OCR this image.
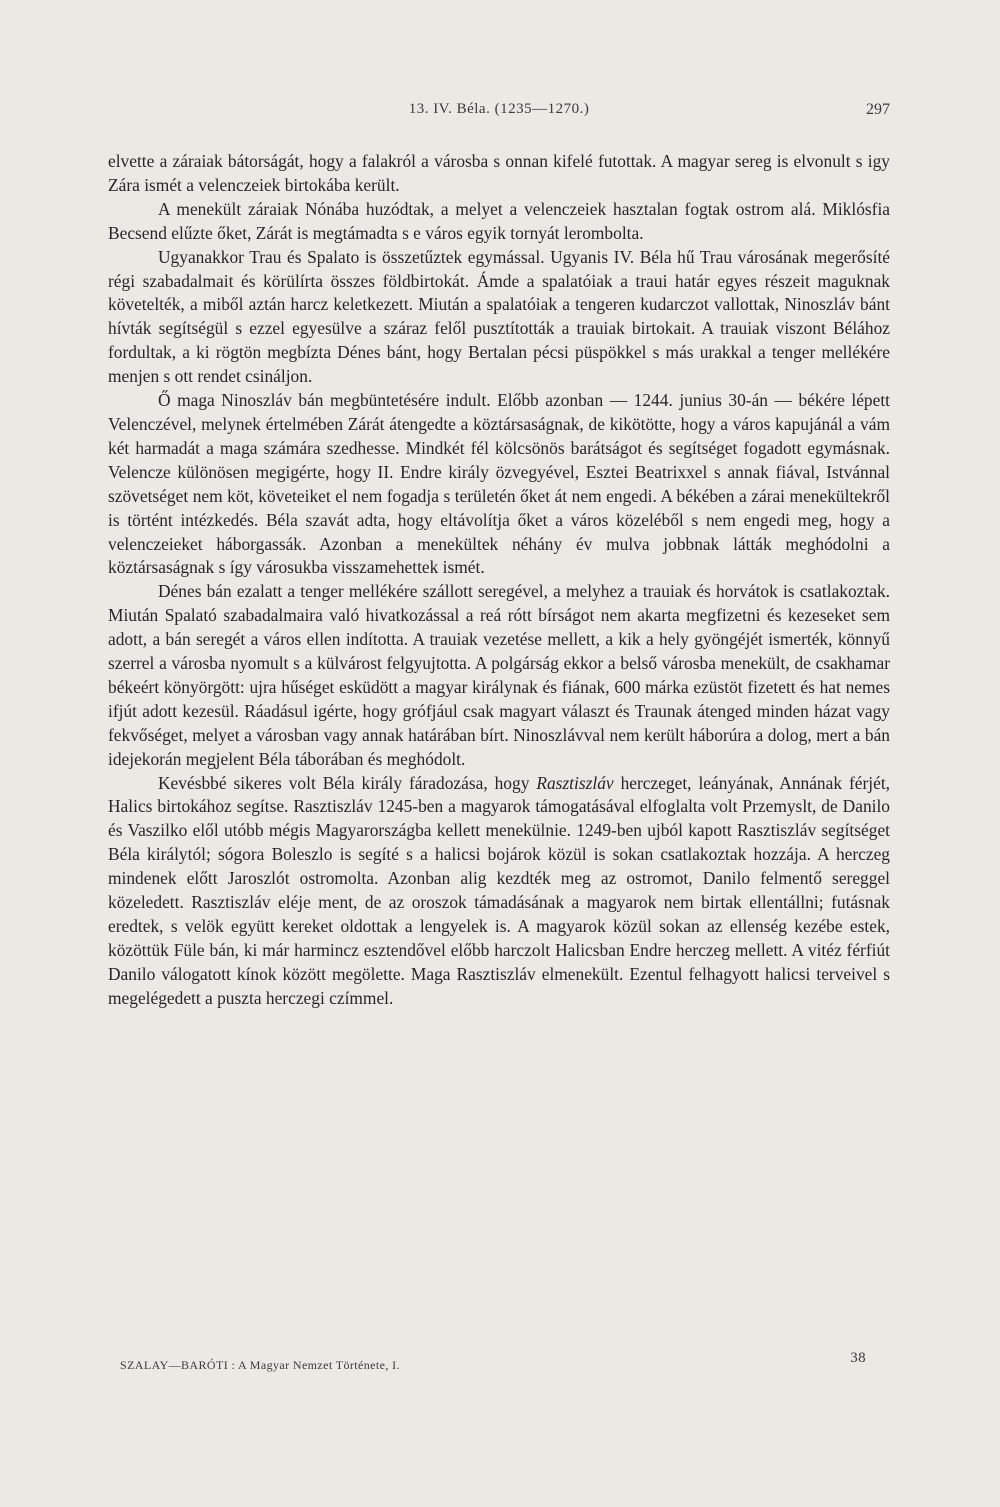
13. IV. Béla. (1235—1270.)	297

elvette a záraiak bátorságát, hogy a falakról a városba s onnan kifelé futottak. A magyar sereg is elvonult s igy Zára ismét a velenczeiek birtokába került.

A menekült záraiak Nónába huzódtak, a melyet a velenczeiek hasztalan fogtak ostrom alá. Miklósfia Becsend elűzte őket, Zárát is megtámadta s e város egyik tornyát lerombolta.

Ugyanakkor Trau és Spalato is összetűztek egymással. Ugyanis IV. Béla hű Trau városának megerősíté régi szabadalmait és körülírta összes földbirtokát. Ámde a spalatóiak a traui határ egyes részeit maguknak követelték, a miből aztán harcz keletkezett. Miután a spalatóiak a tengeren kudarczot vallottak, Ninoszláv bánt hívták segítségül s ezzel egyesülve a száraz felől pusztították a trauiak birtokait. A trauiak viszont Bélához fordultak, a ki rögtön megbízta Dénes bánt, hogy Bertalan pécsi püspökkel s más urakkal a tenger mellékére menjen s ott rendet csináljon.

Ő maga Ninoszláv bán megbüntetésére indult. Előbb azonban — 1244. junius 30-án — békére lépett Velenczével, melynek értelmében Zárát átengedte a köztársaságnak, de kikötötte, hogy a város kapujánál a vám két harmadát a maga számára szedhesse. Mindkét fél kölcsönös barátságot és segítséget fogadott egymásnak. Velencze különösen megigérte, hogy II. Endre király özvegyével, Esztei Beatrixxel s annak fiával, Istvánnal szövetséget nem köt, követeiket el nem fogadja s területén őket át nem engedi. A békében a zárai menekültekről is történt intézkedés. Béla szavát adta, hogy eltávolítja őket a város közeléből s nem engedi meg, hogy a velenczeieket háborgassák. Azonban a menekültek néhány év mulva jobbnak látták meghódolni a köztársaságnak s így városukba visszamehettek ismét.

Dénes bán ezalatt a tenger mellékére szállott seregével, a melyhez a trauiak és horvátok is csatlakoztak. Miután Spalató szabadalmaira való hivatkozással a reá rótt bírságot nem akarta megfizetni és kezeseket sem adott, a bán seregét a város ellen indította. A trauiak vezetése mellett, a kik a hely gyöngéjét ismerték, könnyű szerrel a városba nyomult s a külvárost felgyujtotta. A polgárság ekkor a belső városba menekült, de csakhamar békeért könyörgött: ujra hűséget esküdött a magyar királynak és fiának, 600 márka ezüstöt fizetett és hat nemes ifjút adott kezesül. Ráadásul igérte, hogy grófjául csak magyart választ és Traunak átenged minden házat vagy fekvőséget, melyet a városban vagy annak határában bírt. Ninoszlávval nem került háborúra a dolog, mert a bán idejekorán megjelent Béla táborában és meghódolt.

Kevésbbé sikeres volt Béla király fáradozása, hogy Rasztiszláv herczeget, leányának, Annának férjét, Halics birtokához segítse. Rasztiszláv 1245-ben a magyarok támogatásával elfoglalta volt Przemyslt, de Danilo és Vaszilko elől utóbb mégis Magyarországba kellett menekülnie. 1249-ben ujból kapott Rasztiszláv segítséget Béla királytól; sógora Boleszlo is segíté s a halicsi bojárok közül is sokan csatlakoztak hozzája. A herczeg mindenek előtt Jaroszlót ostromolta. Azonban alig kezdték meg az ostromot, Danilo felmentő sereggel közeledett. Rasztiszláv eléje ment, de az oroszok támadásának a magyarok nem birtak ellentállni; futásnak eredtek, s velök együtt kereket oldottak a lengyelek is. A magyarok közül sokan az ellenség kezébe estek, közöttük Füle bán, ki már harmincz esztendővel előbb harczolt Halicsban Endre herczeg mellett. A vitéz férfiút Danilo válogatott kínok között megölette. Maga Rasztiszláv elmenekült. Ezentul felhagyott halicsi terveivel s megelégedett a puszta herczegi czímmel.

SZALAY—BARÓTI : A Magyar Nemzet Története, I.	38
